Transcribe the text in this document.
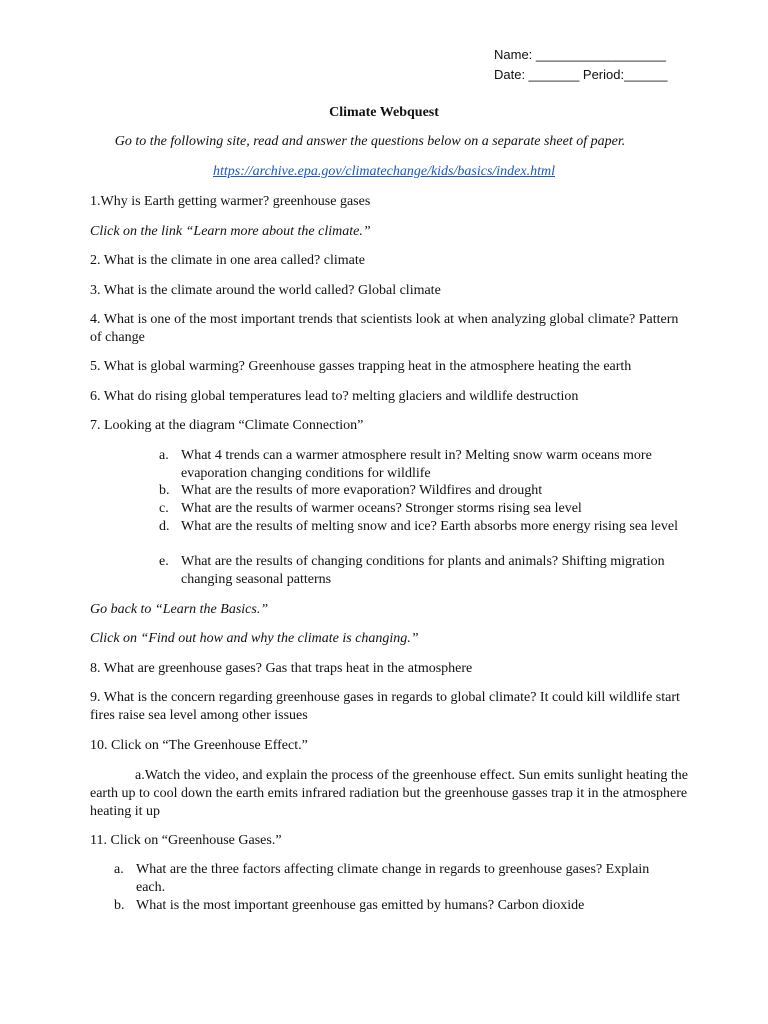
Name: __________________
Date: _______ Period:______
Climate Webquest
Go to the following site, read and answer the questions below on a separate sheet of paper.
https://archive.epa.gov/climatechange/kids/basics/index.html
1.Why is Earth getting warmer? greenhouse gases
Click on the link “Learn more about the climate.”
2. What is the climate in one area called? climate
3. What is the climate around the world called? Global climate
4. What is one of the most important trends that scientists look at when analyzing global climate? Pattern of change
5. What is global warming? Greenhouse gasses trapping heat in the atmosphere heating the earth
6. What do rising global temperatures lead to? melting glaciers and wildlife destruction
7. Looking at the diagram “Climate Connection”
a. What 4 trends can a warmer atmosphere result in? Melting snow warm oceans more evaporation changing conditions for wildlife
b. What are the results of more evaporation? Wildfires and drought
c. What are the results of warmer oceans? Stronger storms rising sea level
d. What are the results of melting snow and ice? Earth absorbs more energy rising sea level
e. What are the results of changing conditions for plants and animals? Shifting migration changing seasonal patterns
Go back to “Learn the Basics.”
Click on “Find out how and why the climate is changing.”
8. What are greenhouse gases? Gas that traps heat in the atmosphere
9. What is the concern regarding greenhouse gases in regards to global climate? It could kill wildlife start fires raise sea level among other issues
10. Click on “The Greenhouse Effect.”
a.Watch the video, and explain the process of the greenhouse effect. Sun emits sunlight heating the earth up to cool down the earth emits infrared radiation but the greenhouse gasses trap it in the atmosphere heating it up
11. Click on “Greenhouse Gases.”
a. What are the three factors affecting climate change in regards to greenhouse gases? Explain each.
b. What is the most important greenhouse gas emitted by humans? Carbon dioxide
